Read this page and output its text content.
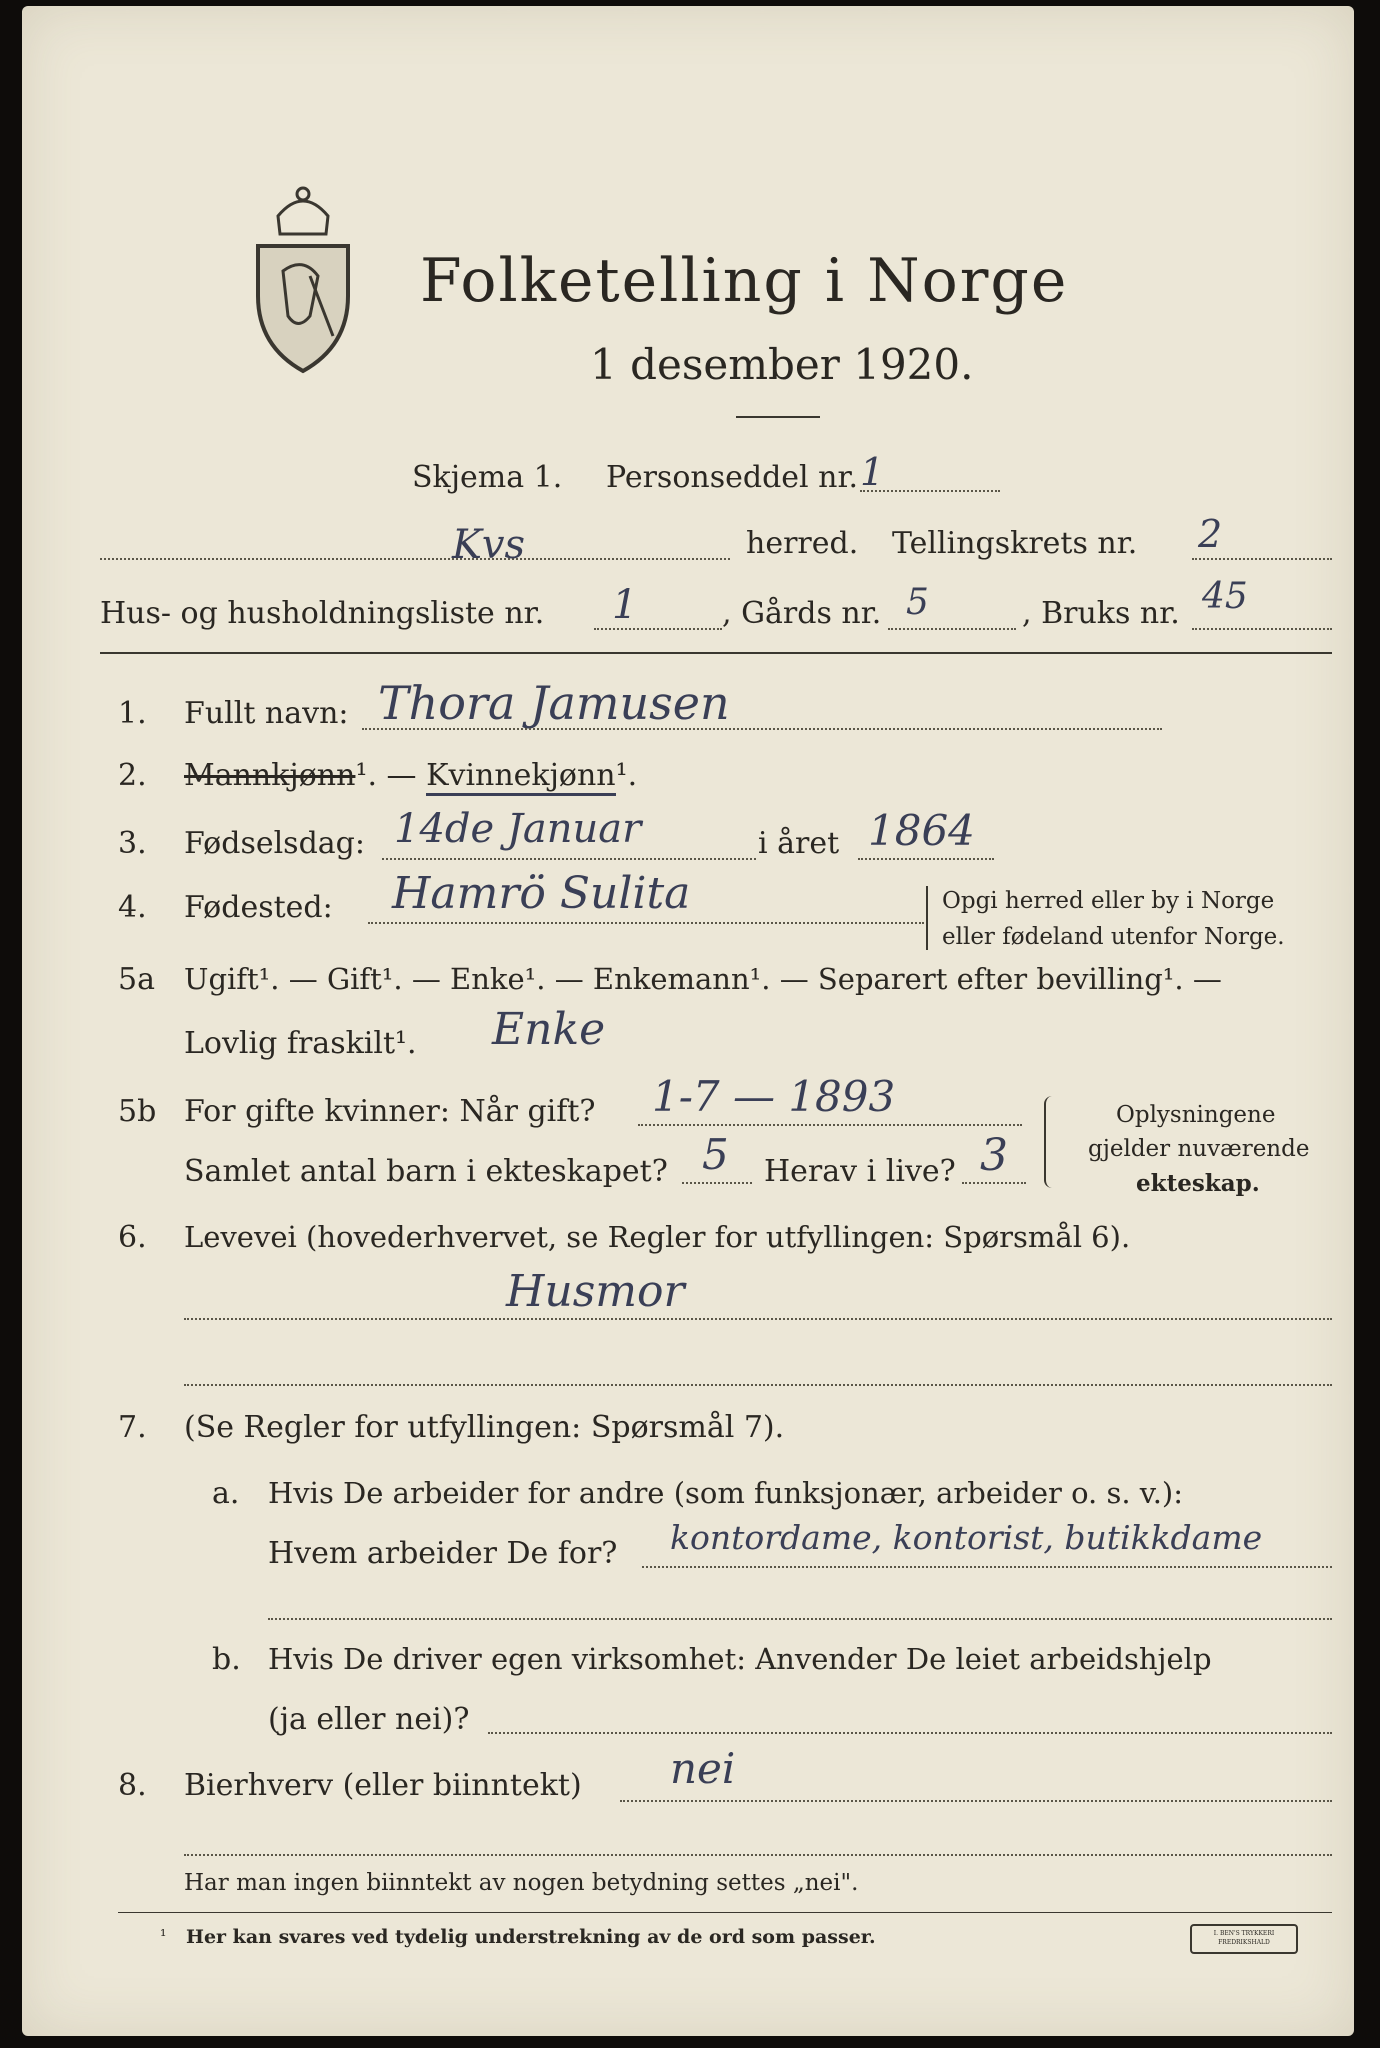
Folketelling i Norge
1 desember 1920.
Skjema 1. Personseddel nr. 1
Kvs	herred. Tellingskrets nr. 2
Hus- og husholdningsliste nr. 1	, Gårds nr. 5	, Bruks nr. 45
1. Fullt navn: Thora Jamusen
2. Mannkjønn¹. — Kvinnekjønn¹.
3. Fødselsdag: 14de Januar	i året 1864
4. Fødested: Hamrö Sulita	Opgi herred eller by i Norge
eller fødeland utenfor Norge.
5a Ugift¹. — Gift¹. — Enke¹. — Enkemann¹. — Separert efter bevilling¹. —
Lovlig fraskilt¹. Enke
5b For gifte kvinner: Når gift? 1-7 — 1893
Samlet antal barn i ekteskapet? 5 Herav i live? 3
Oplysningene
gjelder nuværende
ekteskap.
6. Levevei (hovederhvervet, se Regler for utfyllingen: Spørsmål 6).
Husmor
7. (Se Regler for utfyllingen: Spørsmål 7).
a. Hvis De arbeider for andre (som funksjonær, arbeider o. s. v.):
Hvem arbeider De for? kontordame, kontorist, butikkdame
b. Hvis De driver egen virksomhet: Anvender De leiet arbeidshjelp
(ja eller nei)?
8. Bierhverv (eller biinntekt) nei
Har man ingen biinntekt av nogen betydning settes „nei".
¹ Her kan svares ved tydelig understrekning av de ord som passer.	I. BEN'S TRYKKERI FREDRIKSHALD
